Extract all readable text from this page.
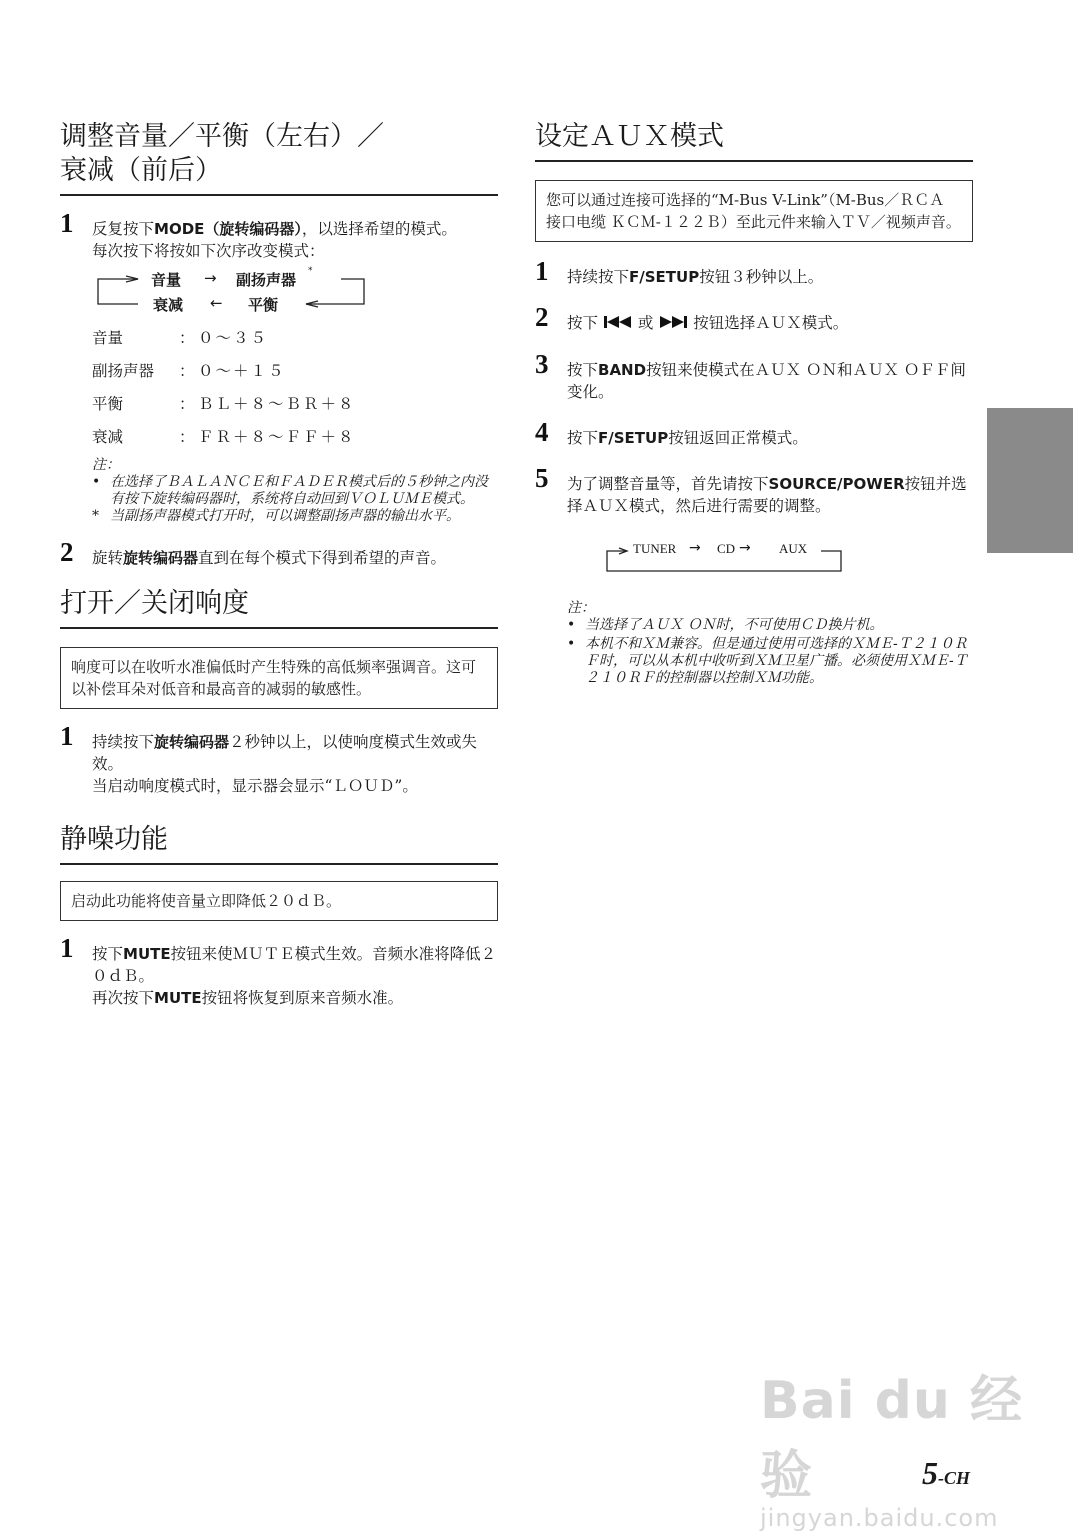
调整音量／平衡（左右）／
衰减（前后）
1 反复按下MODE（旋转编码器），以选择希望的模式。
每次按下将按如下次序改变模式：
音量 → 副扬声器 *
衰减 ← 平衡
音量	： ０～３５
副扬声器 ： ０～＋１５
平衡	： ＢＬ＋８～ＢＲ＋８
衰减	： ＦＲ＋８～ＦＦ＋８
注：
• 在选择了ＢＡＬＡＮＣＥ和ＦＡＤＥＲ模式后的５秒钟之内没有按下旋转编码器时，系统将自动回到ＶＯＬＵＭＥ模式。
* 当副扬声器模式打开时，可以调整副扬声器的输出水平。
2 旋转旋转编码器直到在每个模式下得到希望的声音。
打开／关闭响度
响度可以在收听水准偏低时产生特殊的高低频率强调音。这可以补偿耳朵对低音和最高音的减弱的敏感性。
1 持续按下旋转编码器２秒钟以上，以使响度模式生效或失效。
当启动响度模式时，显示器会显示“ＬＯＵＤ”。
静噪功能
启动此功能将使音量立即降低２０ｄＢ。
1 按下MUTE按钮来使ＭＵＴＥ模式生效。音频水准将降低２０ｄＢ。
再次按下MUTE按钮将恢复到原来音频水准。
设定ＡＵＸ模式
您可以通过连接可选择的“M-Bus V-Link”（M-Bus／ＲＣＡ 接口电缆 ＫＣＭ-１２２Ｂ）至此元件来输入ＴＶ／视频声音。
1 持续按下F/SETUP按钮３秒钟以上。
2 按下	或	按钮选择ＡＵＸ模式。
3 按下BAND按钮来使模式在ＡＵＸ ＯＮ和ＡＵＸ ＯＦＦ间变化。
4 按下F/SETUP按钮返回正常模式。
5 为了调整音量等，首先请按下SOURCE/POWER按钮并选择ＡＵＸ模式，然后进行需要的调整。
TUNER → CD → AUX
注：
• 当选择了ＡＵＸ ＯＮ时，不可使用ＣＤ换片机。
• 本机不和ＸＭ兼容。但是通过使用可选择的ＸＭＥ-Ｔ２１０ＲＦ时，可以从本机中收听到ＸＭ卫星广播。必须使用ＸＭＥ-Ｔ２１０ＲＦ的控制器以控制ＸＭ功能。
Bai du 经验
jingyan.baidu.com
5-CH
